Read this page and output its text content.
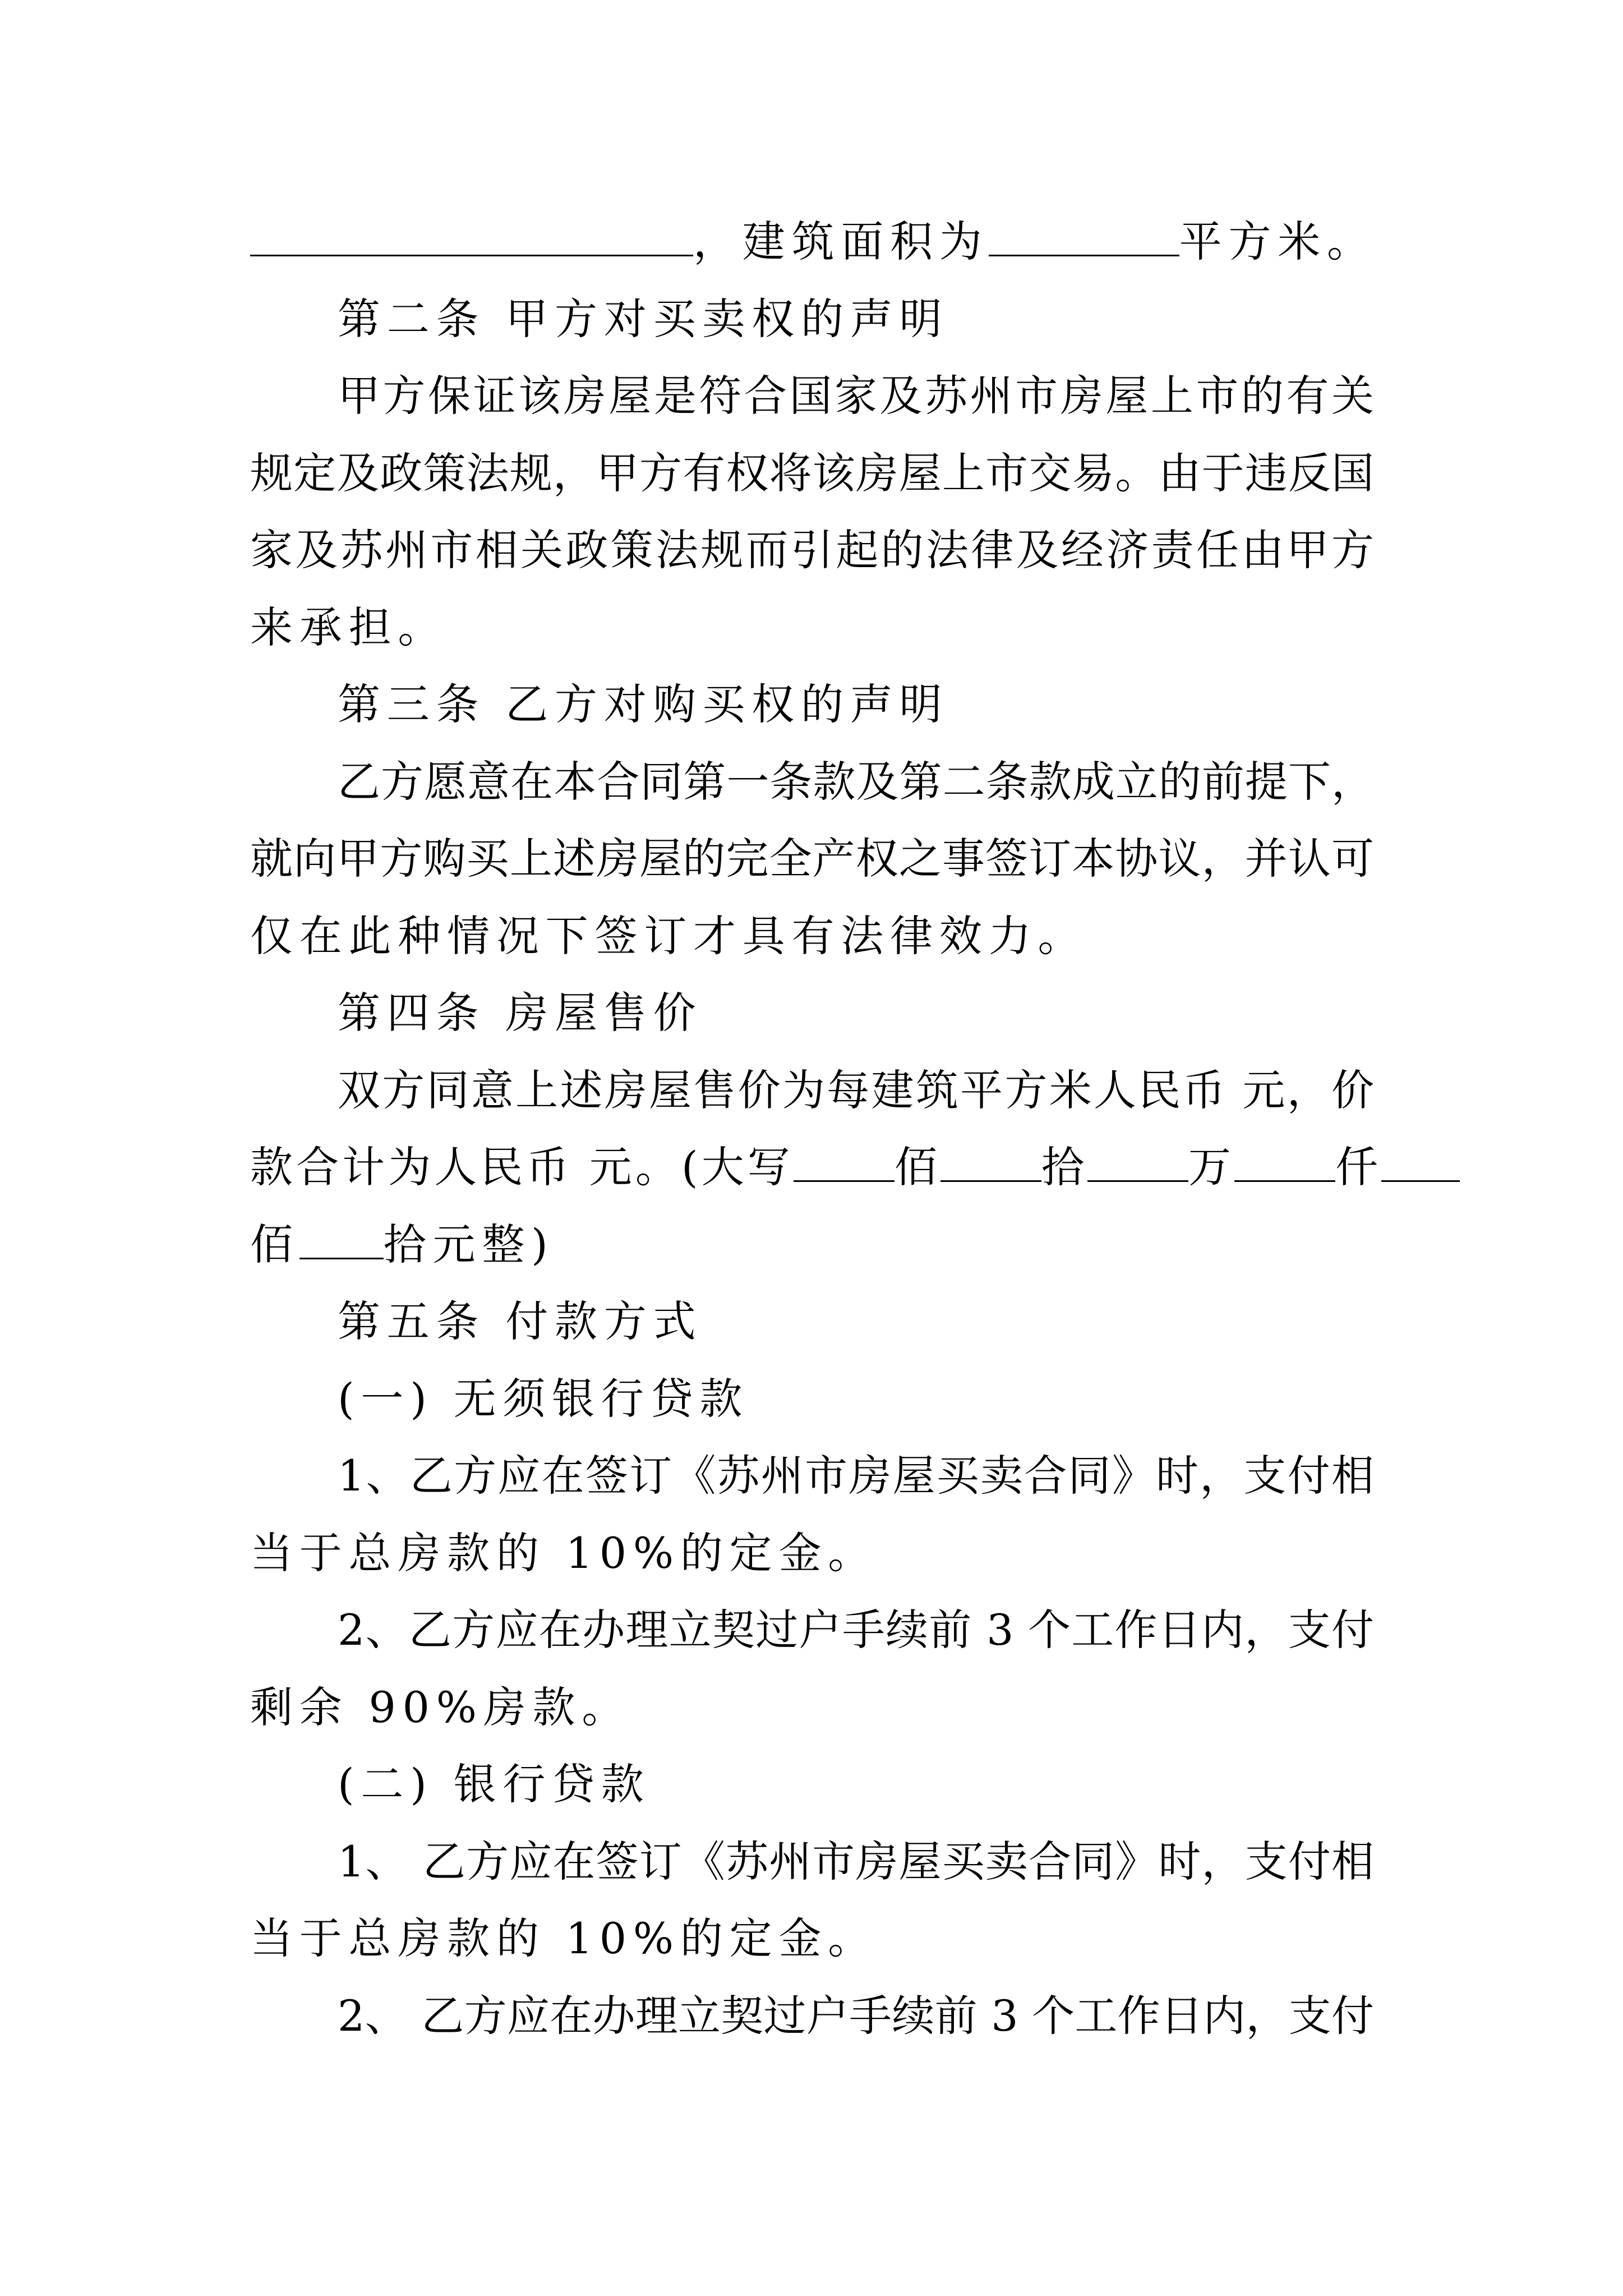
，建筑面积为	平方米。
第二条 甲方对买卖权的声明
甲方保证该房屋是符合国家及苏州市房屋上市的有关
规定及政策法规，甲方有权将该房屋上市交易。由于违反国
家及苏州市相关政策法规而引起的法律及经济责任由甲方
来承担。
第三条 乙方对购买权的声明
乙方愿意在本合同第一条款及第二条款成立的前提下，
就向甲方购买上述房屋的完全产权之事签订本协议，并认可
仅在此种情况下签订才具有法律效力。
第四条 房屋售价
双方同意上述房屋售价为每建筑平方米人民币 元，价
款合计为人民币 元。(大写 佰 拾 万 仟
佰 拾元整)
第五条 付款方式
(一) 无须银行贷款
1、乙方应在签订《苏州市房屋买卖合同》时，支付相
当于总房款的 10%的定金。
2、乙方应在办理立契过户手续前 3 个工作日内，支付
剩余 90%房款。
(二) 银行贷款
1、 乙方应在签订《苏州市房屋买卖合同》时，支付相
当于总房款的 10%的定金。
2、 乙方应在办理立契过户手续前 3 个工作日内，支付
